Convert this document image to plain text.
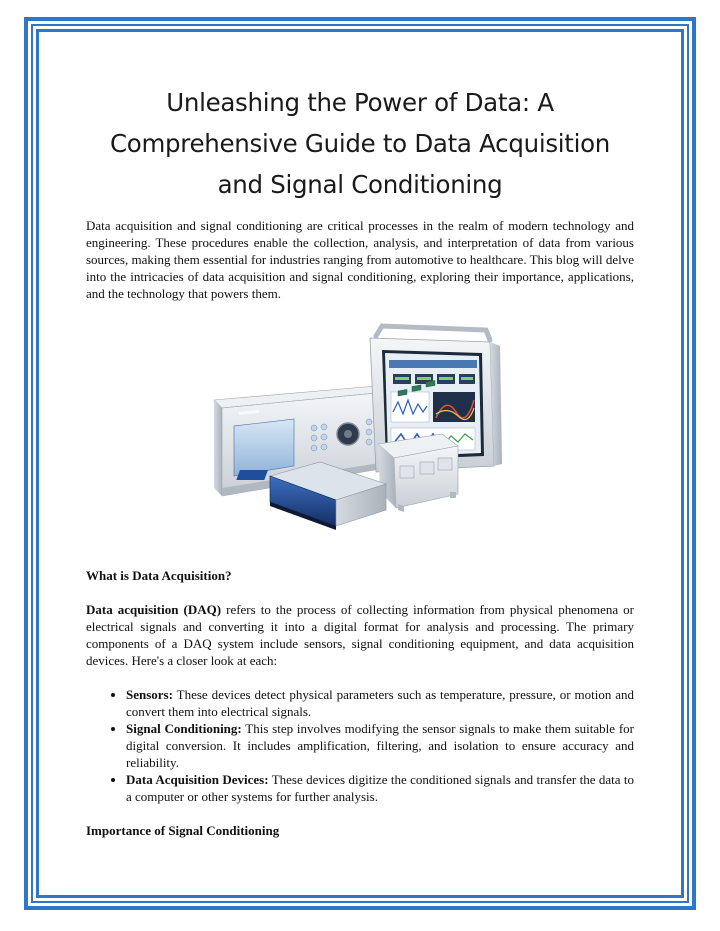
Unleashing the Power of Data: A
Comprehensive Guide to Data Acquisition
and Signal Conditioning

Data acquisition and signal conditioning are critical processes in the realm of modern technology and engineering. These procedures enable the collection, analysis, and interpretation of data from various sources, making them essential for industries ranging from automotive to healthcare. This blog will delve into the intricacies of data acquisition and signal conditioning, exploring their importance, applications, and the technology that powers them.

What is Data Acquisition?

Data acquisition (DAQ) refers to the process of collecting information from physical phenomena or electrical signals and converting it into a digital format for analysis and processing. The primary components of a DAQ system include sensors, signal conditioning equipment, and data acquisition devices. Here's a closer look at each:

• Sensors: These devices detect physical parameters such as temperature, pressure, or motion and convert them into electrical signals.
• Signal Conditioning: This step involves modifying the sensor signals to make them suitable for digital conversion. It includes amplification, filtering, and isolation to ensure accuracy and reliability.
• Data Acquisition Devices: These devices digitize the conditioned signals and transfer the data to a computer or other systems for further analysis.

Importance of Signal Conditioning
